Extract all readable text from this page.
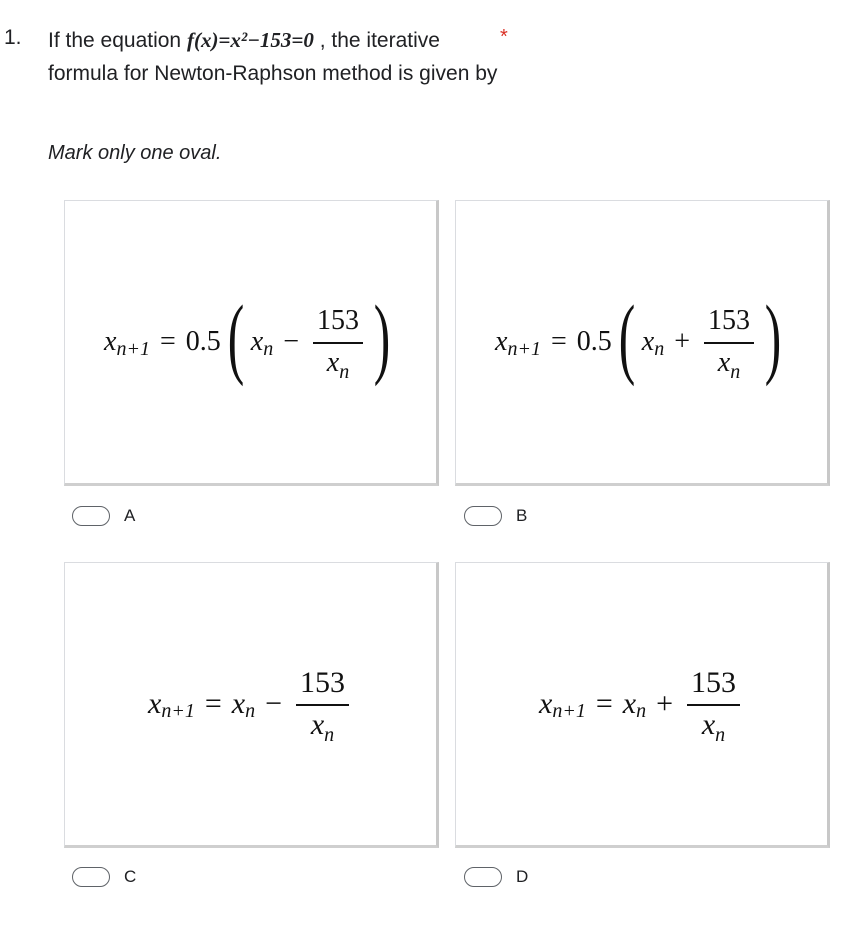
1. If the equation f(x)=x²−153=0 , the iterative formula for Newton-Raphson method is given by
*
Mark only one oval.
x n+1 = 0.5 ( x $n - \frac{153}{x_n}$ )
A
x n+1 = 0.5 ( x $n + \frac{153}{x_n}$ )
B
x n+1 = x $n - \frac{153}{x_n}$
C
x n+1 = x $n + \frac{153}{x_n}$
D
